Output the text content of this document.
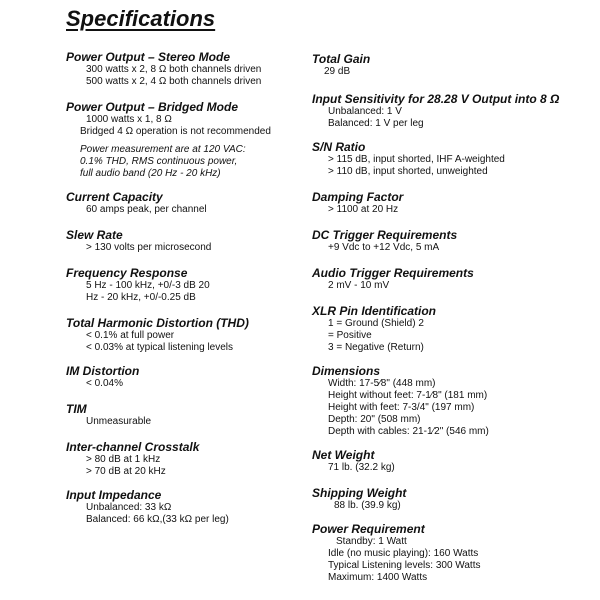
Specifications
Power Output – Stereo Mode
300 watts x 2, 8 Ω both channels driven
500 watts x 2, 4 Ω both channels driven
Power Output – Bridged Mode
1000 watts x 1, 8 Ω
Bridged 4 Ω operation is not recommended
Power measurement are at 120 VAC:
0.1% THD, RMS continuous power,
full audio band (20 Hz - 20 kHz)
Current Capacity
60 amps peak, per channel
Slew Rate
> 130 volts per microsecond
Frequency Response
5 Hz - 100 kHz, +0/-3 dB 20
Hz - 20 kHz, +0/-0.25 dB
Total Harmonic Distortion (THD)
< 0.1% at full power
< 0.03% at typical listening levels
IM Distortion
< 0.04%
TIM
Unmeasurable
Inter-channel Crosstalk
> 80 dB at 1 kHz
> 70 dB at 20 kHz
Input Impedance
Unbalanced: 33 kΩ
Balanced: 66 kΩ,(33 kΩ per leg)
Total Gain
29 dB
Input Sensitivity for 28.28 V Output into 8 Ω
Unbalanced: 1 V
Balanced: 1 V per leg
S/N Ratio
> 115 dB, input shorted, IHF A-weighted
> 110 dB, input shorted, unweighted
Damping Factor
> 1100 at 20 Hz
DC Trigger Requirements
+9 Vdc to +12 Vdc, 5 mA
Audio Trigger Requirements
2 mV - 10 mV
XLR Pin Identification
1 = Ground (Shield) 2
= Positive
3 = Negative (Return)
Dimensions
Width: 17-5⁄8" (448 mm)
Height without feet: 7-1⁄8" (181 mm)
Height with feet: 7-3/4" (197 mm)
Depth: 20" (508 mm)
Depth with cables: 21-1⁄2" (546 mm)
Net Weight
71 lb. (32.2 kg)
Shipping Weight
88 lb. (39.9 kg)
Power Requirement
Standby: 1 Watt
Idle (no music playing): 160 Watts
Typical Listening levels: 300 Watts
Maximum: 1400 Watts
